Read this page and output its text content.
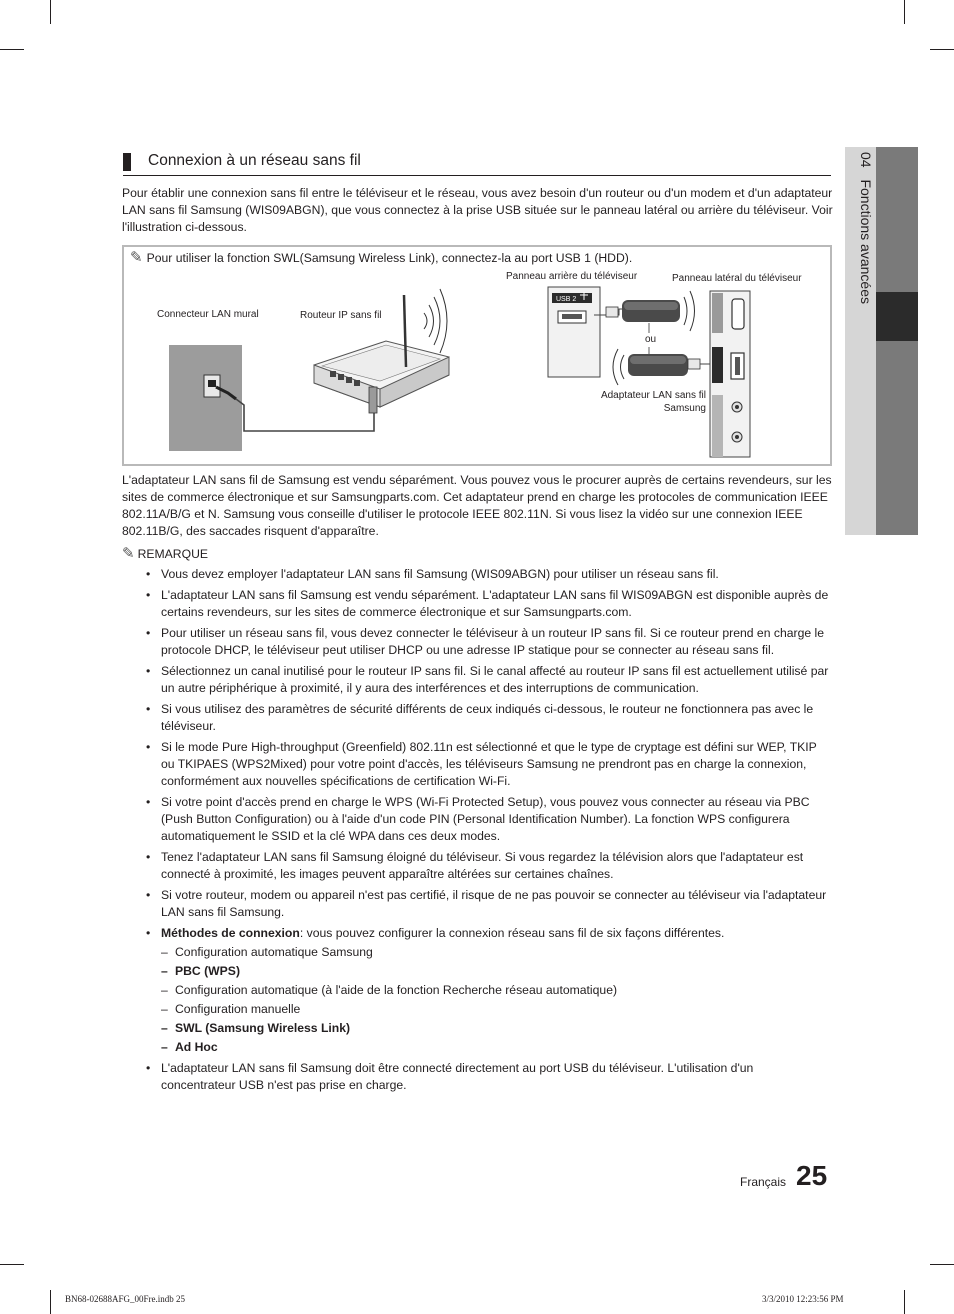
04 Fonctions avancées
Connexion à un réseau sans fil

Pour établir une connexion sans fil entre le téléviseur et le réseau, vous avez besoin d'un routeur ou d'un modem et d'un adaptateur LAN sans fil Samsung (WIS09ABGN), que vous connectez à la prise USB située sur le panneau latéral ou arrière du téléviseur. Voir l'illustration ci-dessous.

✎ Pour utiliser la fonction SWL(Samsung Wireless Link), connectez-la au port USB 1 (HDD).
Panneau arrière du téléviseur	Panneau latéral du téléviseur
Connecteur LAN mural	Routeur IP sans fil
ou
Adaptateur LAN sans fil
Samsung
USB 2

L'adaptateur LAN sans fil de Samsung est vendu séparément. Vous pouvez vous le procurer auprès de certains revendeurs, sur les sites de commerce électronique et sur Samsungparts.com. Cet adaptateur prend en charge les protocoles de communication IEEE 802.11A/B/G et N. Samsung vous conseille d'utiliser le protocole IEEE 802.11N. Si vous lisez la vidéo sur une connexion IEEE 802.11B/G, des saccades risquent d'apparaître.

✎ REMARQUE
• Vous devez employer l'adaptateur LAN sans fil Samsung (WIS09ABGN) pour utiliser un réseau sans fil.
• L'adaptateur LAN sans fil Samsung est vendu séparément. L'adaptateur LAN sans fil WIS09ABGN est disponible auprès de certains revendeurs, sur les sites de commerce électronique et sur Samsungparts.com.
• Pour utiliser un réseau sans fil, vous devez connecter le téléviseur à un routeur IP sans fil. Si ce routeur prend en charge le protocole DHCP, le téléviseur peut utiliser DHCP ou une adresse IP statique pour se connecter au réseau sans fil.
• Sélectionnez un canal inutilisé pour le routeur IP sans fil. Si le canal affecté au routeur IP sans fil est actuellement utilisé par un autre périphérique à proximité, il y aura des interférences et des interruptions de communication.
• Si vous utilisez des paramètres de sécurité différents de ceux indiqués ci-dessous, le routeur ne fonctionnera pas avec le téléviseur.
• Si le mode Pure High-throughput (Greenfield) 802.11n est sélectionné et que le type de cryptage est défini sur WEP, TKIP ou TKIPAES (WPS2Mixed) pour votre point d'accès, les téléviseurs Samsung ne prendront pas en charge la connexion, conformément aux nouvelles spécifications de certification Wi-Fi.
• Si votre point d'accès prend en charge le WPS (Wi-Fi Protected Setup), vous pouvez vous connecter au réseau via PBC (Push Button Configuration) ou à l'aide d'un code PIN (Personal Identification Number). La fonction WPS configurera automatiquement le SSID et la clé WPA dans ces deux modes.
• Tenez l'adaptateur LAN sans fil Samsung éloigné du téléviseur. Si vous regardez la télévision alors que l'adaptateur est connecté à proximité, les images peuvent apparaître altérées sur certaines chaînes.
• Si votre routeur, modem ou appareil n'est pas certifié, il risque de ne pas pouvoir se connecter au téléviseur via l'adaptateur LAN sans fil Samsung.
• Méthodes de connexion: vous pouvez configurer la connexion réseau sans fil de six façons différentes.
– Configuration automatique Samsung
– PBC (WPS)
– Configuration automatique (à l'aide de la fonction Recherche réseau automatique)
– Configuration manuelle
– SWL (Samsung Wireless Link)
– Ad Hoc
• L'adaptateur LAN sans fil Samsung doit être connecté directement au port USB du téléviseur. L'utilisation d'un concentrateur USB n'est pas prise en charge.
Français 25
BN68-02688AFG_00Fre.indb 25	3/3/2010 12:23:56 PM
